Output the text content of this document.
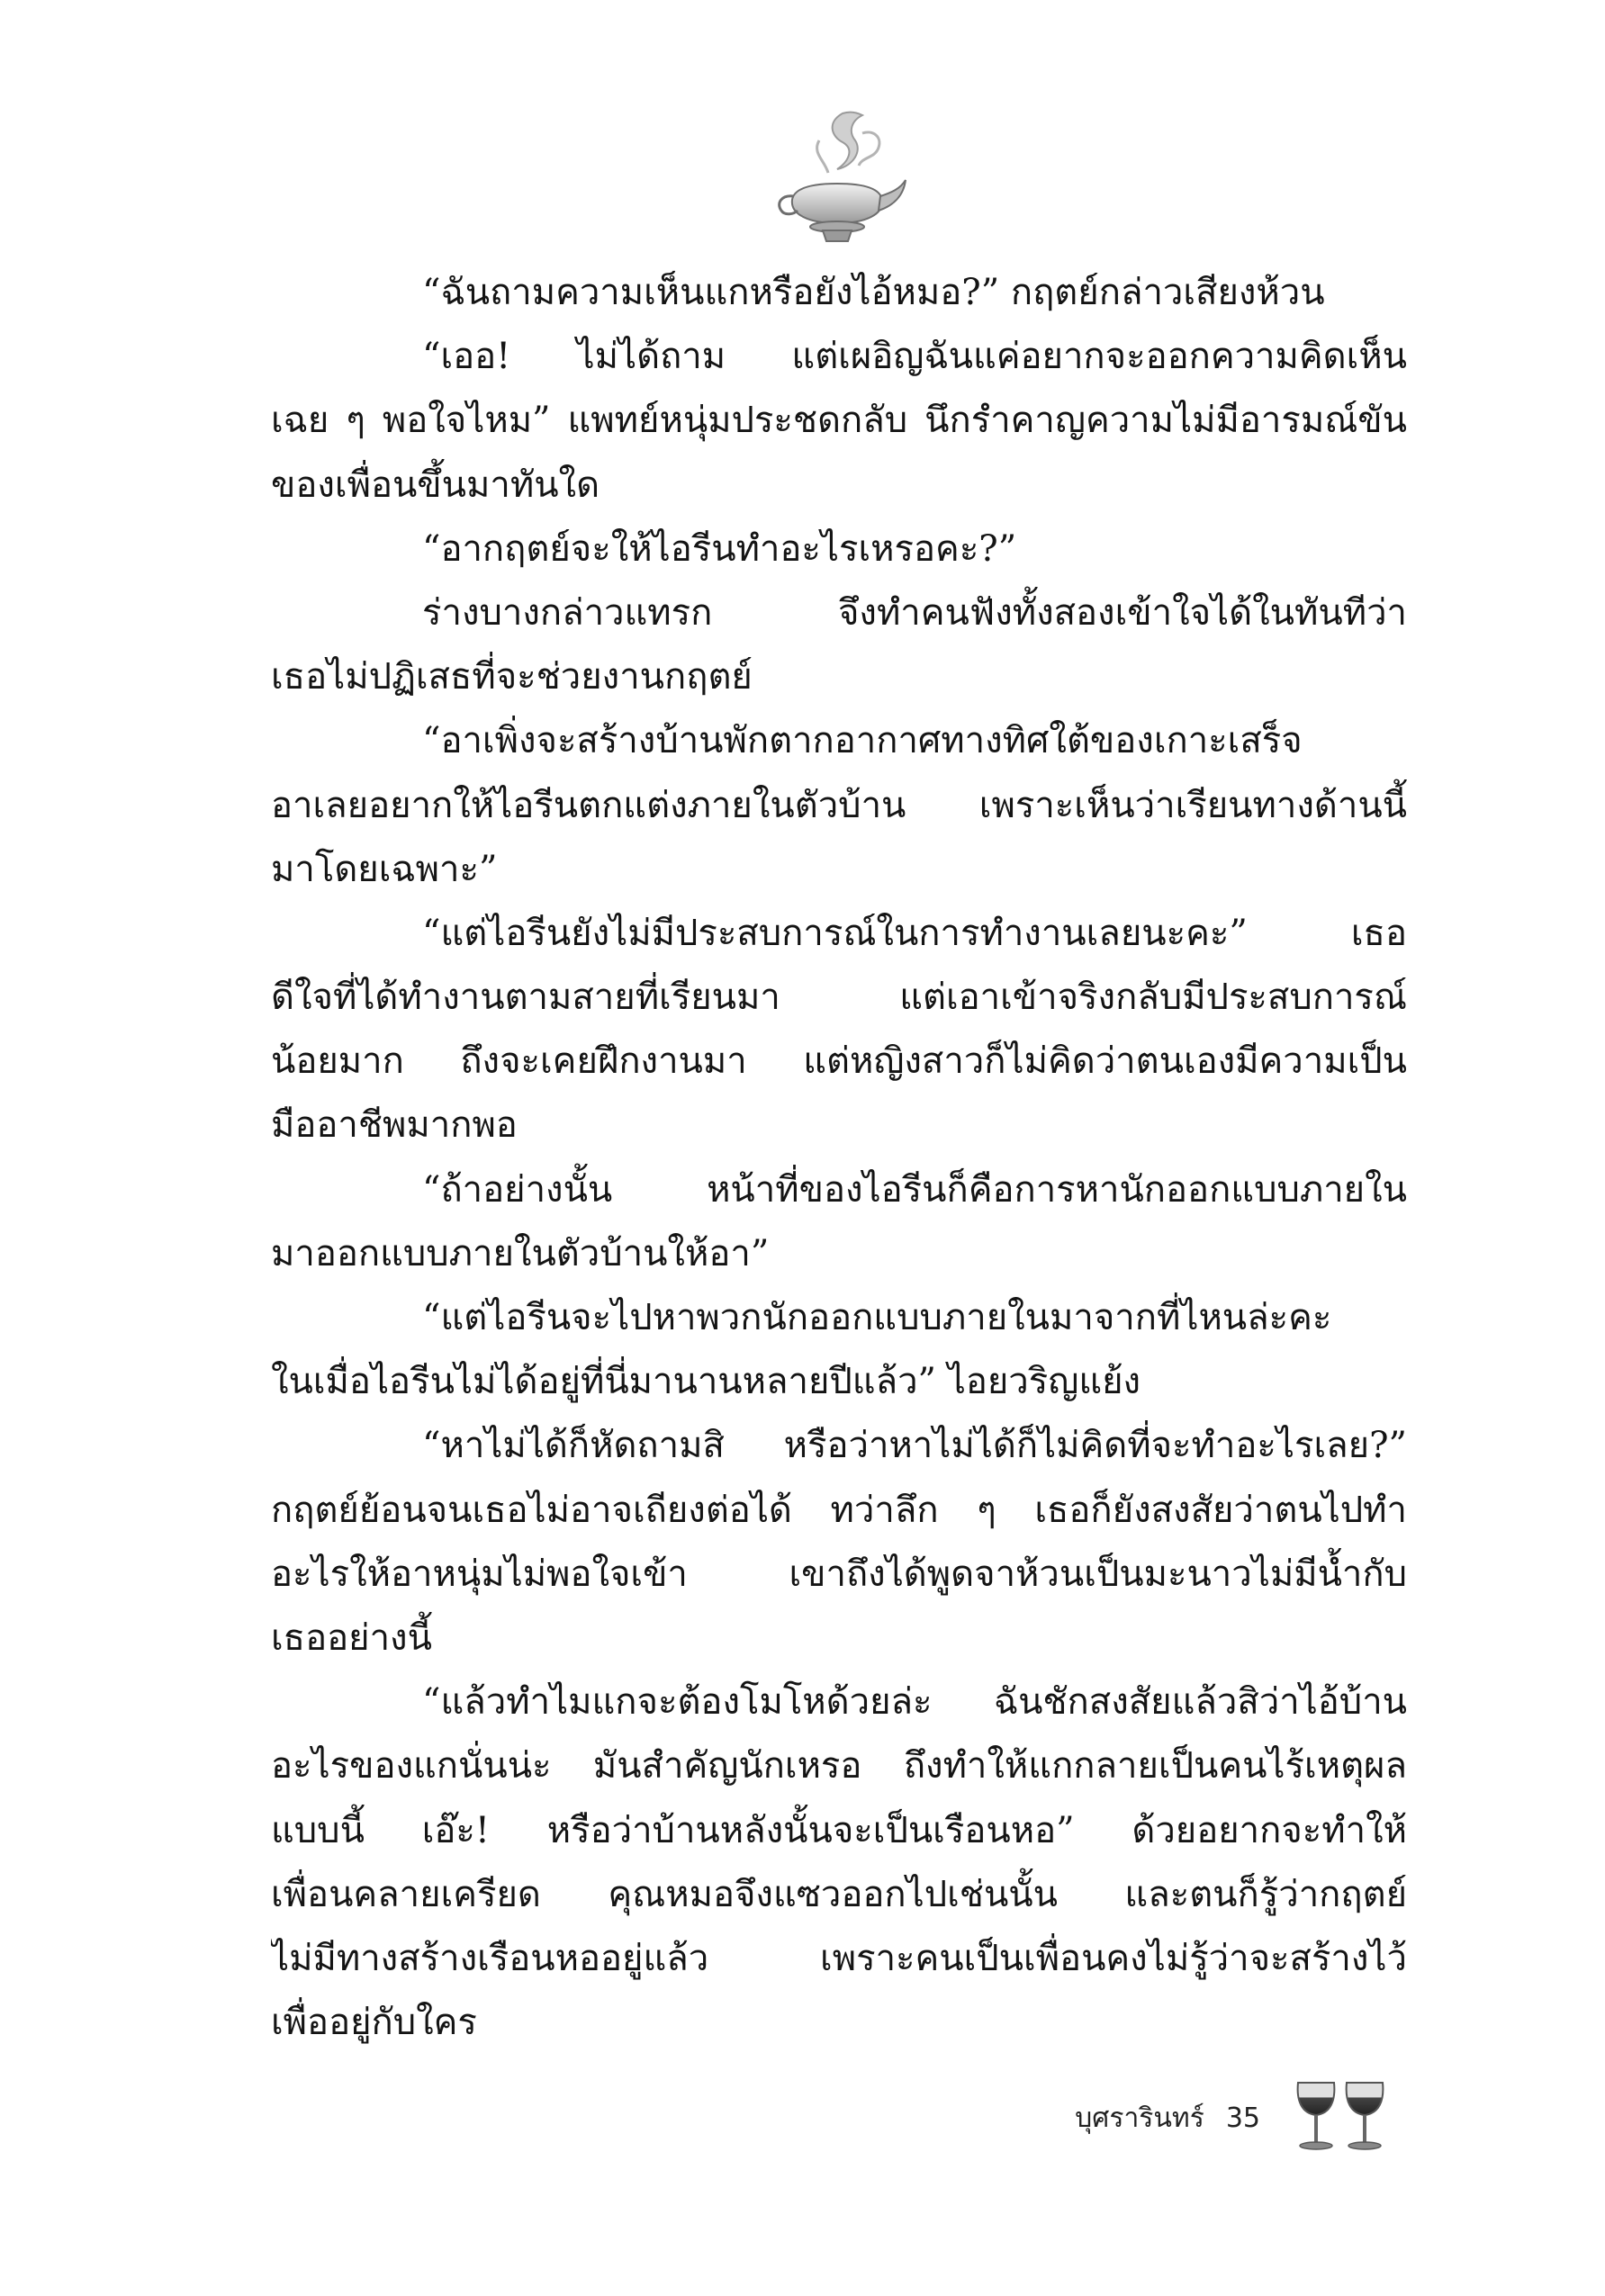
“ฉันถามความเห็นแกหรือยังไอ้หมอ?” กฤตย์กล่าวเสียงห้วน
“เออ! ไม่ได้ถาม แต่เผอิญฉันแค่อยากจะออกความคิดเห็น
เฉย ๆ พอใจไหม” แพทย์หนุ่มประชดกลับ นึกรำคาญความไม่มีอารมณ์ขัน
ของเพื่อนขึ้นมาทันใด
“อากฤตย์จะให้ไอรีนทำอะไรเหรอคะ?”
ร่างบางกล่าวแทรก จึงทำคนฟังทั้งสองเข้าใจได้ในทันทีว่า
เธอไม่ปฏิเสธที่จะช่วยงานกฤตย์
“อาเพิ่งจะสร้างบ้านพักตากอากาศทางทิศใต้ของเกาะเสร็จ
อาเลยอยากให้ไอรีนตกแต่งภายในตัวบ้าน เพราะเห็นว่าเรียนทางด้านนี้
มาโดยเฉพาะ”
“แต่ไอรีนยังไม่มีประสบการณ์ในการทำงานเลยนะคะ” เธอ
ดีใจที่ได้ทำงานตามสายที่เรียนมา แต่เอาเข้าจริงกลับมีประสบการณ์
น้อยมาก ถึงจะเคยฝึกงานมา แต่หญิงสาวก็ไม่คิดว่าตนเองมีความเป็น
มืออาชีพมากพอ
“ถ้าอย่างนั้น หน้าที่ของไอรีนก็คือการหานักออกแบบภายใน
มาออกแบบภายในตัวบ้านให้อา”
“แต่ไอรีนจะไปหาพวกนักออกแบบภายในมาจากที่ไหนล่ะคะ
ในเมื่อไอรีนไม่ได้อยู่ที่นี่มานานหลายปีแล้ว” ไอยวริญแย้ง
“หาไม่ได้ก็หัดถามสิ หรือว่าหาไม่ได้ก็ไม่คิดที่จะทำอะไรเลย?”
กฤตย์ย้อนจนเธอไม่อาจเถียงต่อได้ ทว่าลึก ๆ เธอก็ยังสงสัยว่าตนไปทำ
อะไรให้อาหนุ่มไม่พอใจเข้า เขาถึงได้พูดจาห้วนเป็นมะนาวไม่มีน้ำกับ
เธออย่างนี้
“แล้วทำไมแกจะต้องโมโหด้วยล่ะ ฉันชักสงสัยแล้วสิว่าไอ้บ้าน
อะไรของแกนั่นน่ะ มันสำคัญนักเหรอ ถึงทำให้แกกลายเป็นคนไร้เหตุผล
แบบนี้ เอ๊ะ! หรือว่าบ้านหลังนั้นจะเป็นเรือนหอ” ด้วยอยากจะทำให้
เพื่อนคลายเครียด คุณหมอจึงแซวออกไปเช่นนั้น และตนก็รู้ว่ากฤตย์
ไม่มีทางสร้างเรือนหออยู่แล้ว เพราะคนเป็นเพื่อนคงไม่รู้ว่าจะสร้างไว้
เพื่ออยู่กับใคร
บุศรารินทร์ 35
